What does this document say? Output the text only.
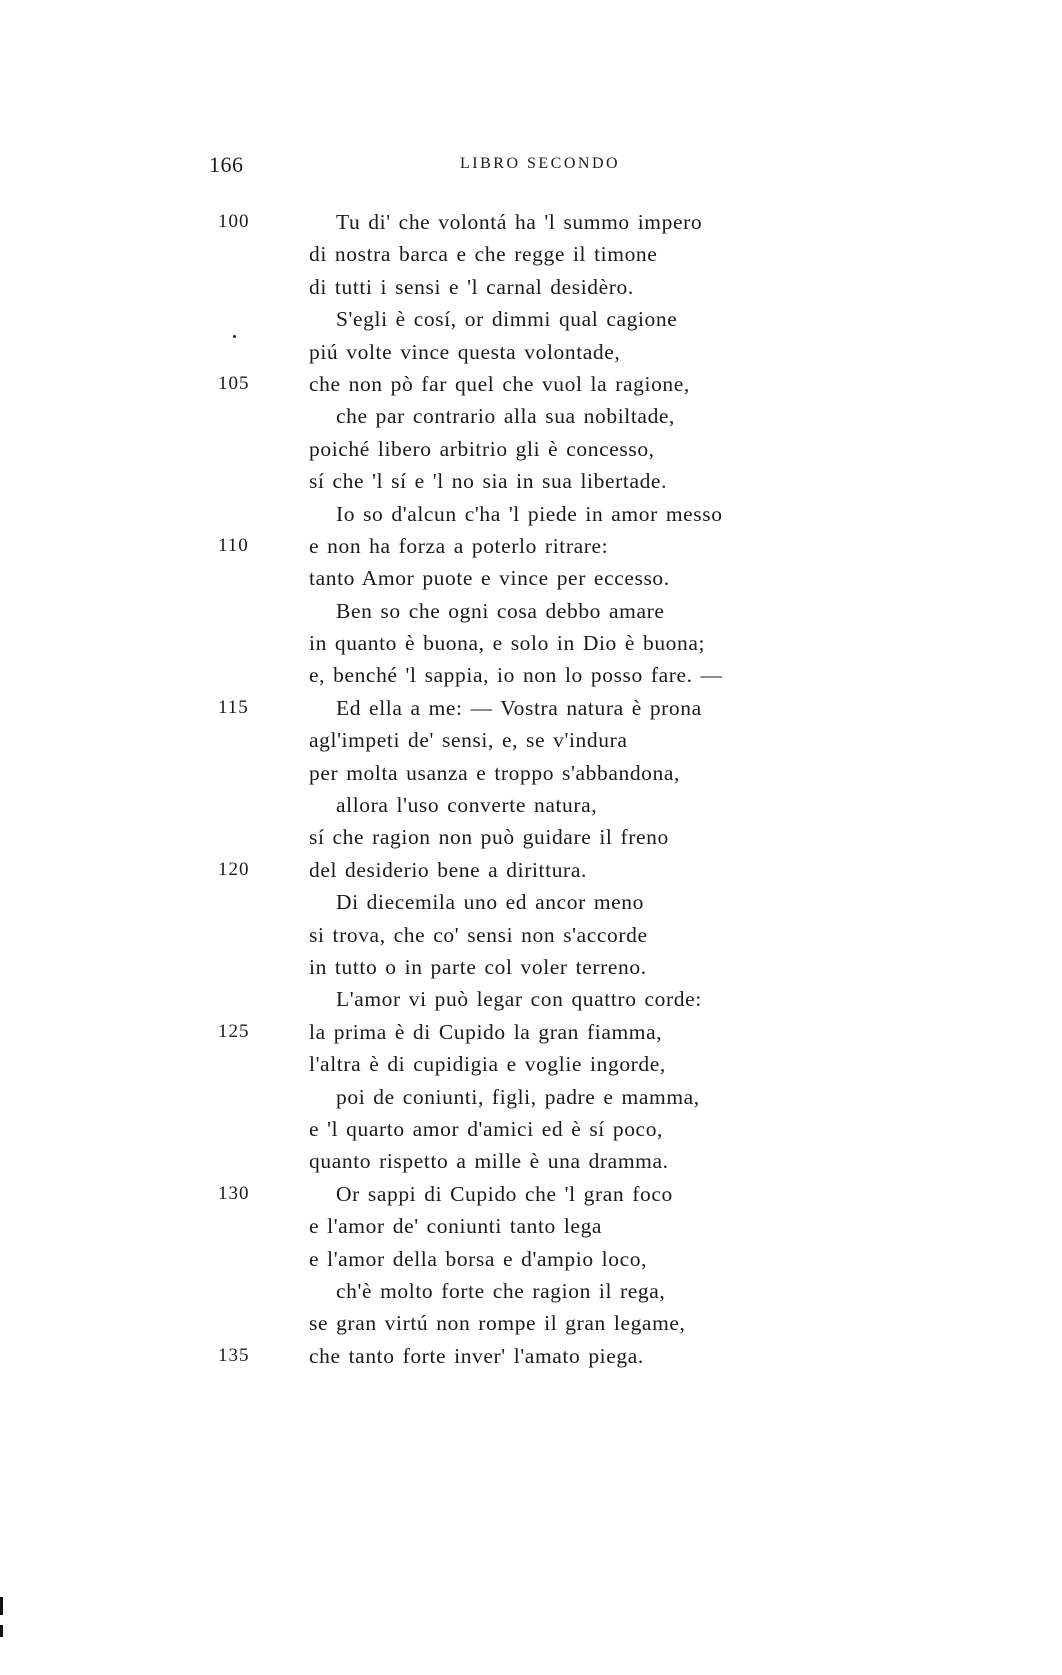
166	LIBRO SECONDO
100	Tu di' che volontá ha 'l summo impero
di nostra barca e che regge il timone
di tutti i sensi e 'l carnal desidèro.
S'egli è cosí, or dimmi qual cagione
piú volte vince questa volontade,
105	che non pò far quel che vuol la ragione,
che par contrario alla sua nobiltade,
poiché libero arbitrio gli è concesso,
sí che 'l sí e 'l no sia in sua libertade.
Io so d'alcun c'ha 'l piede in amor messo
110	e non ha forza a poterlo ritrare:
tanto Amor puote e vince per eccesso.
Ben so che ogni cosa debbo amare
in quanto è buona, e solo in Dio è buona;
e, benché 'l sappia, io non lo posso fare. —
115	Ed ella a me: — Vostra natura è prona
agl'impeti de' sensi, e, se v'indura
per molta usanza e troppo s'abbandona,
allora l'uso converte natura,
sí che ragion non può guidare il freno
120	del desiderio bene a dirittura.
Di diecemila uno ed ancor meno
si trova, che co' sensi non s'accorde
in tutto o in parte col voler terreno.
L'amor vi può legar con quattro corde:
125	la prima è di Cupido la gran fiamma,
l'altra è di cupidigia e voglie ingorde,
poi de coniunti, figli, padre e mamma,
e 'l quarto amor d'amici ed è sí poco,
quanto rispetto a mille è una dramma.
130	Or sappi di Cupido che 'l gran foco
e l'amor de' coniunti tanto lega
e l'amor della borsa e d'ampio loco,
ch'è molto forte che ragion il rega,
se gran virtú non rompe il gran legame,
135	che tanto forte inver' l'amato piega.
